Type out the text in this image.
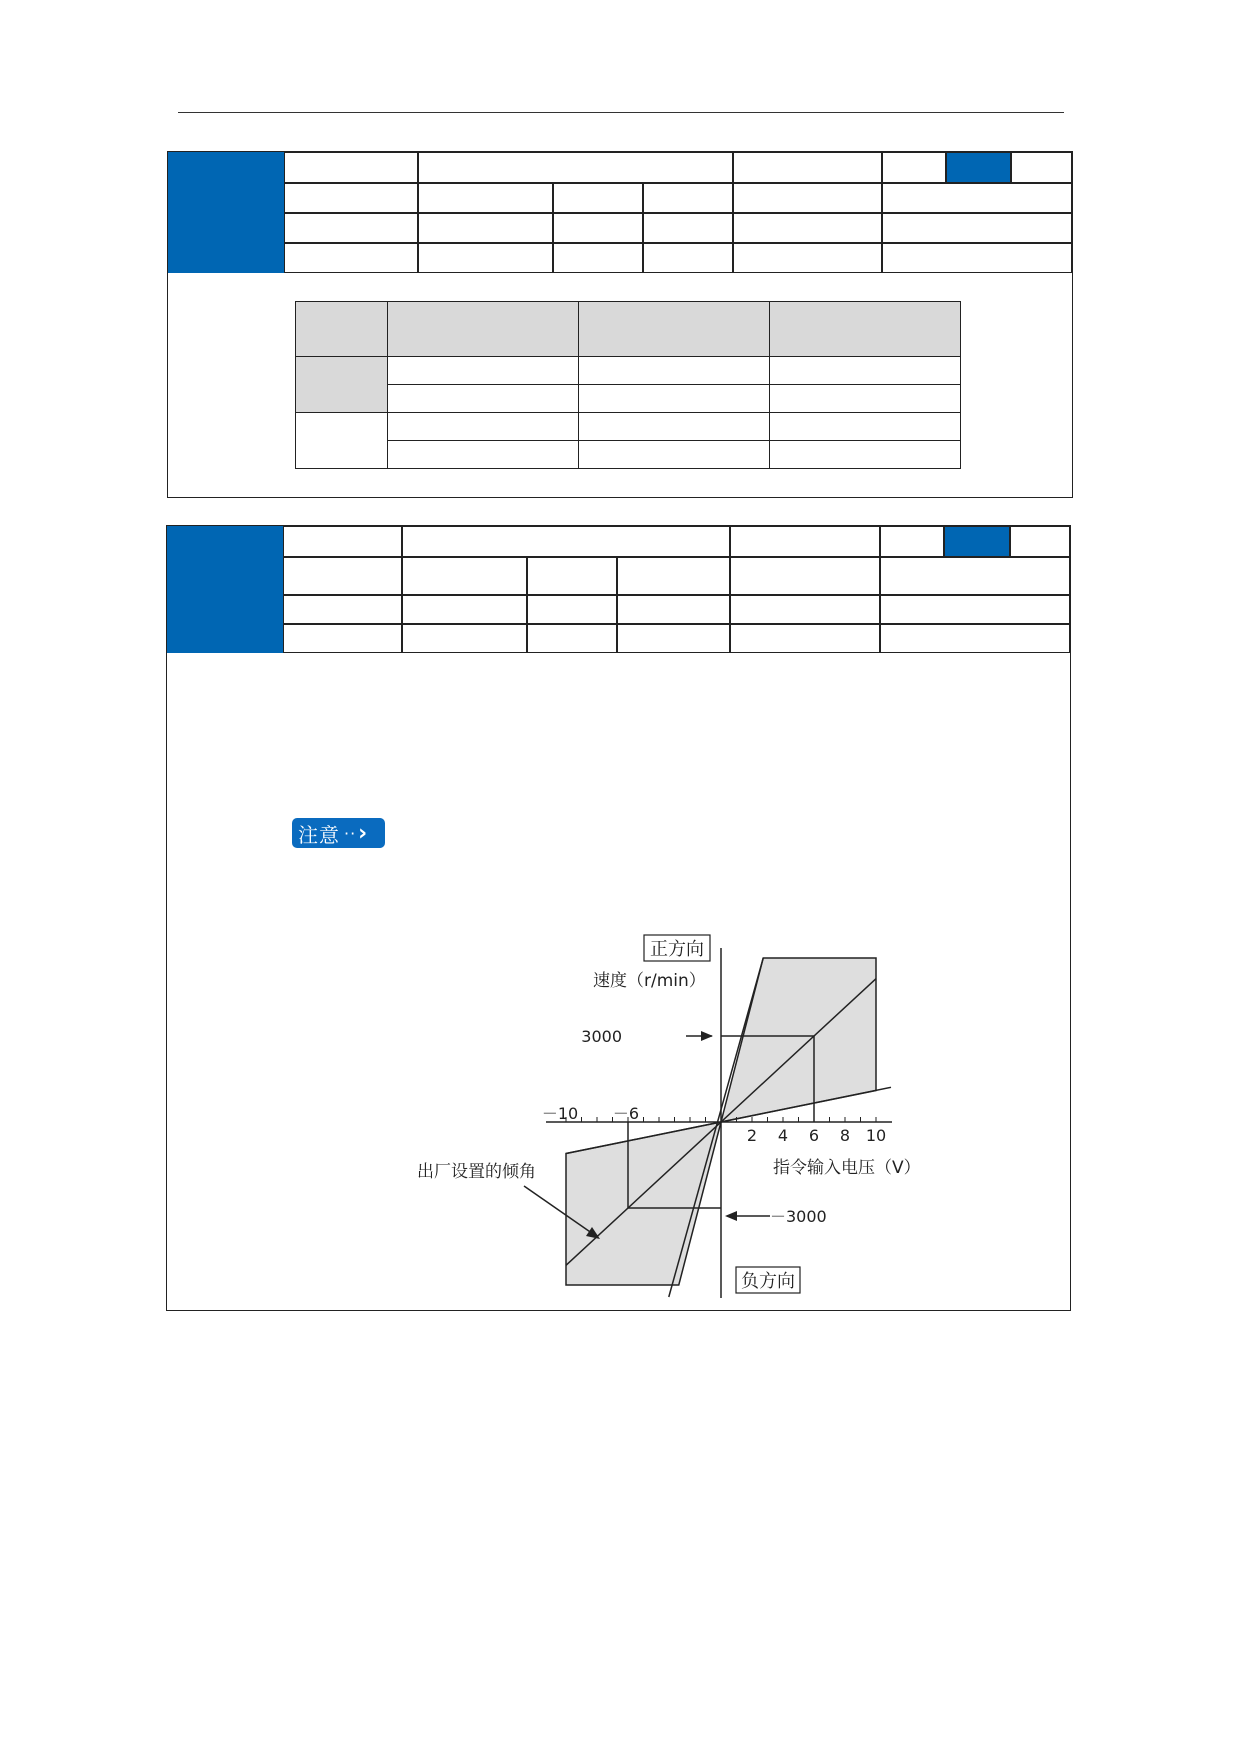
注意 ·· ›
正方向
速度（r/min）
3000
－10 －6
2 4 6 8 10
指令输入电压（V）
出厂设置的倾角
－3000
负方向
